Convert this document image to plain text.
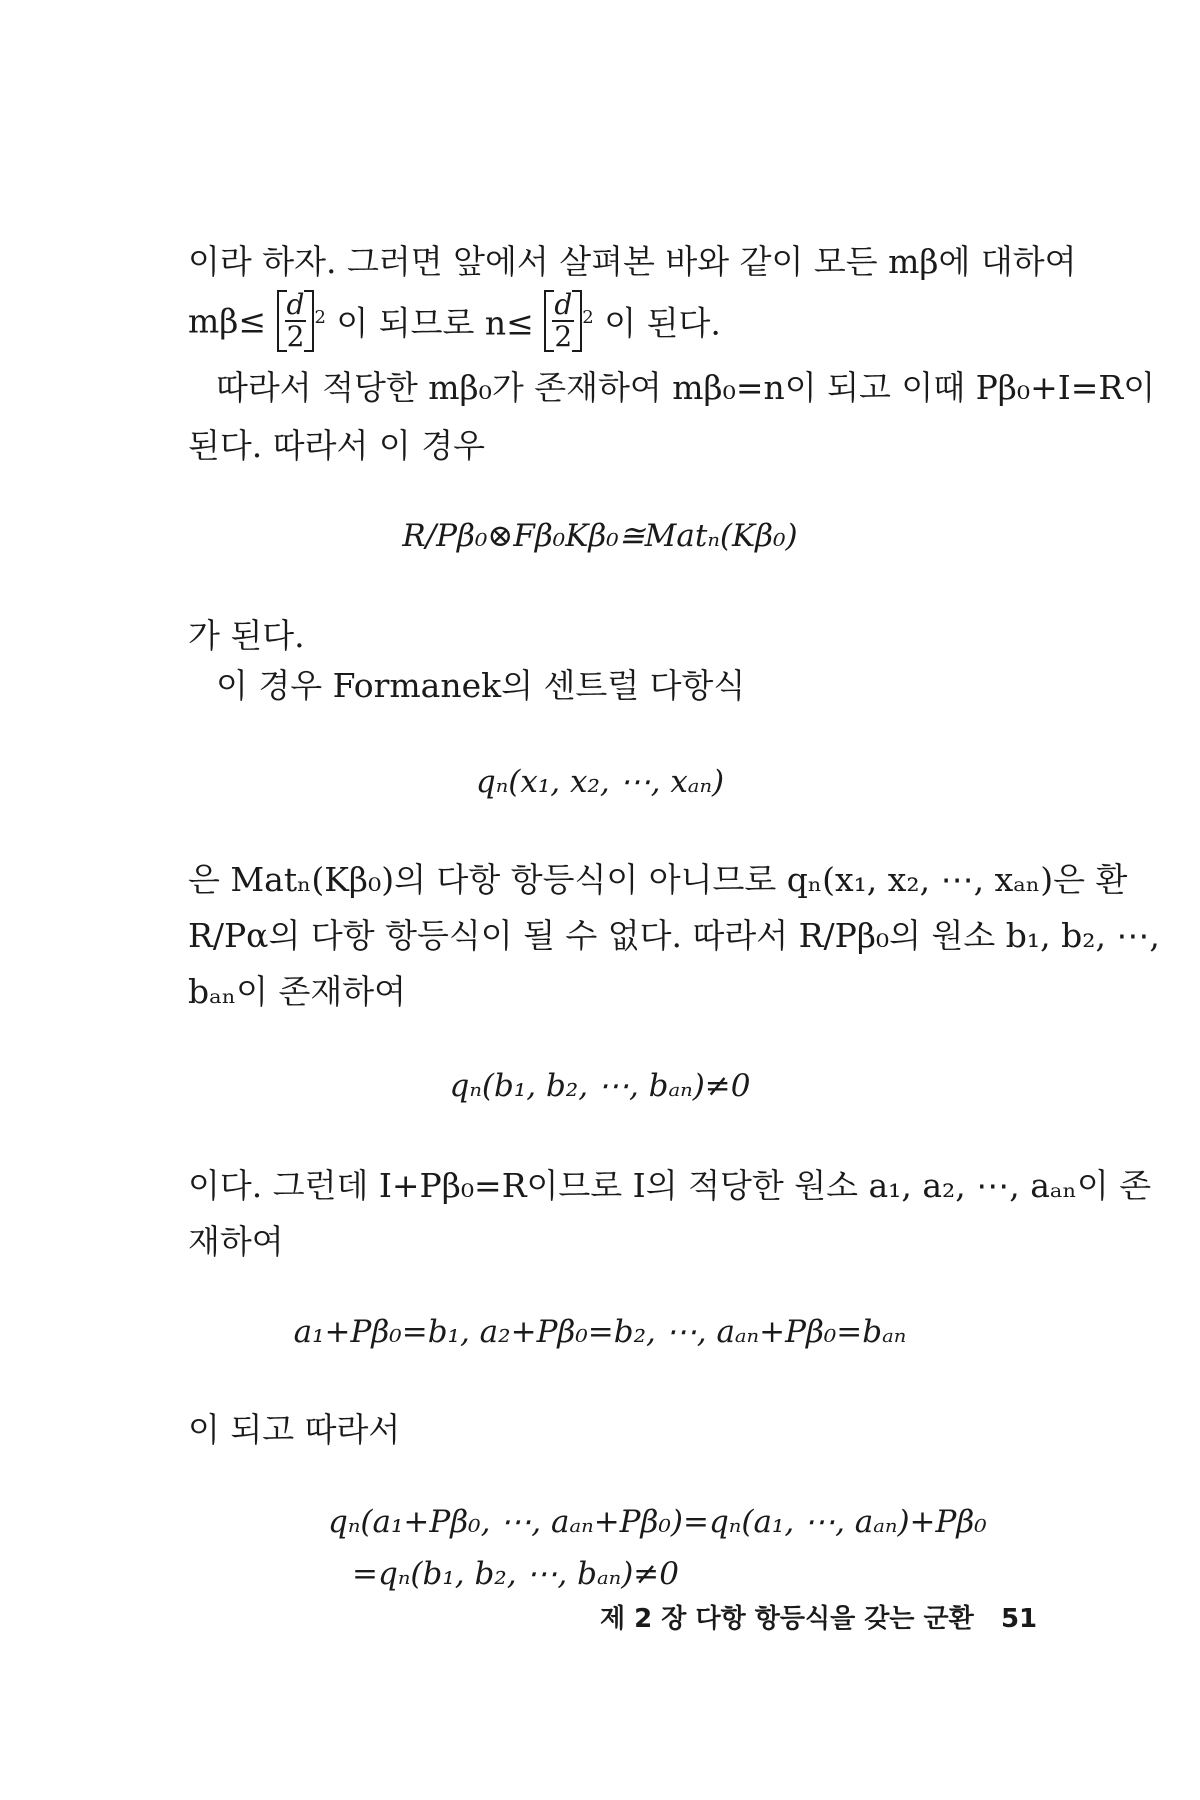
이라 하자. 그러면 앞에서 살펴본 바와 같이 모든 mβ에 대하여
$m\beta\le \frac{d}{2} 2$ 이 되므로 $n\le \frac{d}{2} 2$ 이 된다.
따라서 적당한 mβ₀가 존재하여 mβ₀=n이 되고 이때 Pβ₀+I=R이
된다. 따라서 이 경우
R/Pβ₀⊗Fβ₀Kβ₀≅Matₙ(Kβ₀)
가 된다.
이 경우 Formanek의 센트럴 다항식
qₙ(x₁, x₂, ⋯, xₐₙ)
은 Matₙ(Kβ₀)의 다항 항등식이 아니므로 qₙ(x₁, x₂, ⋯, xₐₙ)은 환
R/Pα의 다항 항등식이 될 수 없다. 따라서 R/Pβ₀의 원소 b₁, b₂, ⋯,
bₐₙ이 존재하여
qₙ(b₁, b₂, ⋯, bₐₙ)≠0
이다. 그런데 I+Pβ₀=R이므로 I의 적당한 원소 a₁, a₂, ⋯, aₐₙ이 존
재하여
a₁+Pβ₀=b₁, a₂+Pβ₀=b₂, ⋯, aₐₙ+Pβ₀=bₐₙ
이 되고 따라서
qₙ(a₁+Pβ₀, ⋯, aₐₙ+Pβ₀)=qₙ(a₁, ⋯, aₐₙ)+Pβ₀
=qₙ(b₁, b₂, ⋯, bₐₙ)≠0
제 2 장 다항 항등식을 갖는 군환 51
